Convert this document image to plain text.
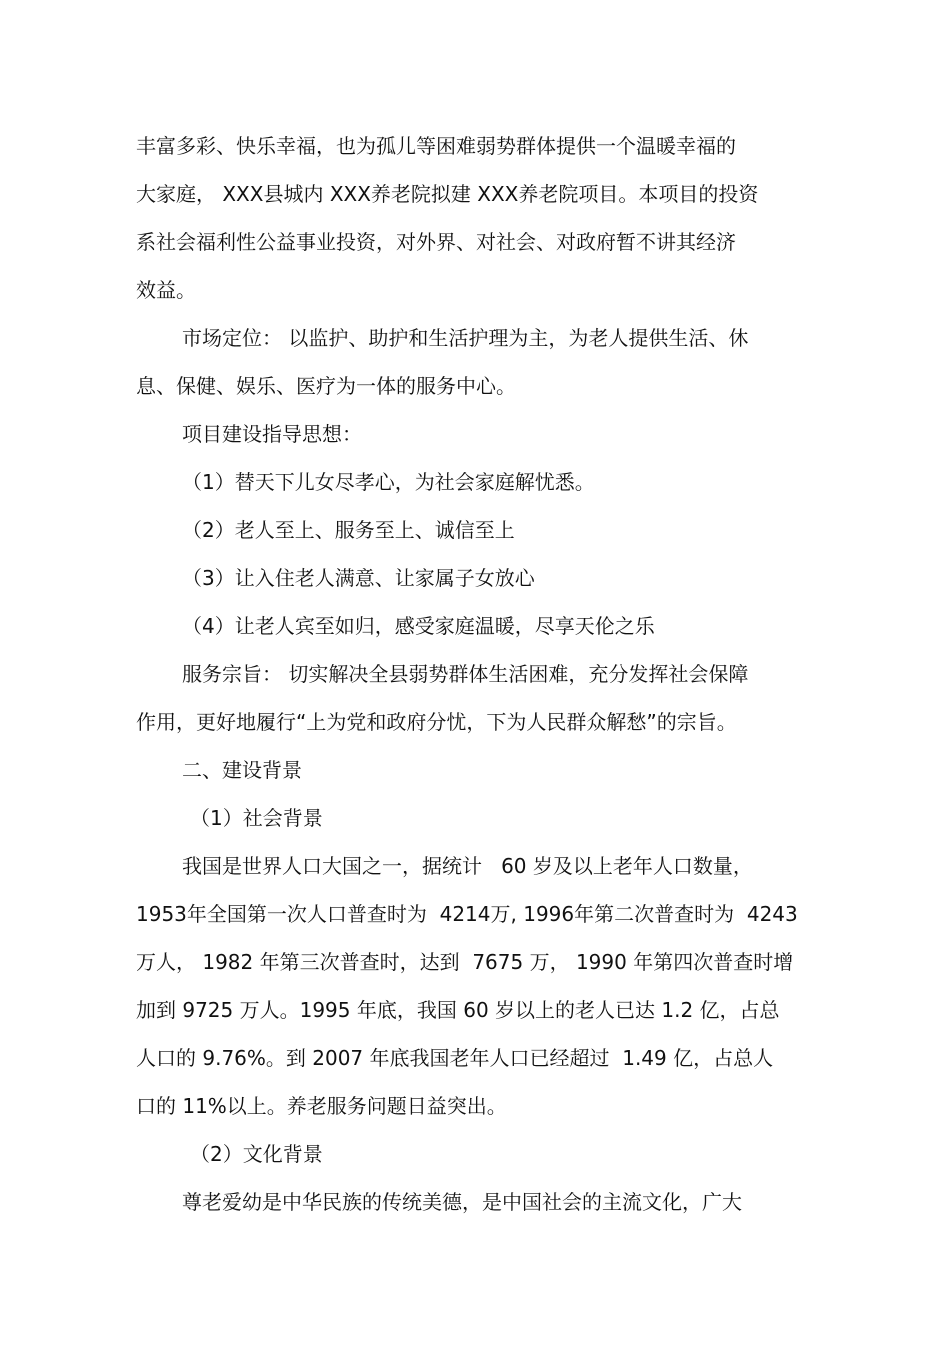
丰富多彩、快乐幸福，也为孤儿等困难弱势群体提供一个温暖幸福的
大家庭， XXX县城内 XXX养老院拟建 XXX养老院项目。本项目的投资
系社会福利性公益事业投资，对外界、对社会、对政府暂不讲其经济
效益。
市场定位： 以监护、助护和生活护理为主，为老人提供生活、休
息、保健、娱乐、医疗为一体的服务中心。
项目建设指导思想：
（1）替天下儿女尽孝心，为社会家庭解忧悉。
（2）老人至上、服务至上、诚信至上
（3）让入住老人满意、让家属子女放心
（4）让老人宾至如归，感受家庭温暖，尽享天伦之乐
服务宗旨： 切实解决全县弱势群体生活困难，充分发挥社会保障
作用，更好地履行“上为党和政府分忧，下为人民群众解愁”的宗旨。
二、建设背景
（1）社会背景
我国是世界人口大国之一，据统计   60 岁及以上老年人口数量，
1953年全国第一次人口普查时为  4214万, 1996年第二次普查时为  4243
万人， 1982 年第三次普查时，达到  7675 万， 1990 年第四次普查时增
加到 9725 万人。1995 年底，我国 60 岁以上的老人已达 1.2 亿，占总
人口的 9.76%。到 2007 年底我国老年人口已经超过  1.49 亿，占总人
口的 11%以上。养老服务问题日益突出。
（2）文化背景
尊老爱幼是中华民族的传统美德，是中国社会的主流文化，广大
